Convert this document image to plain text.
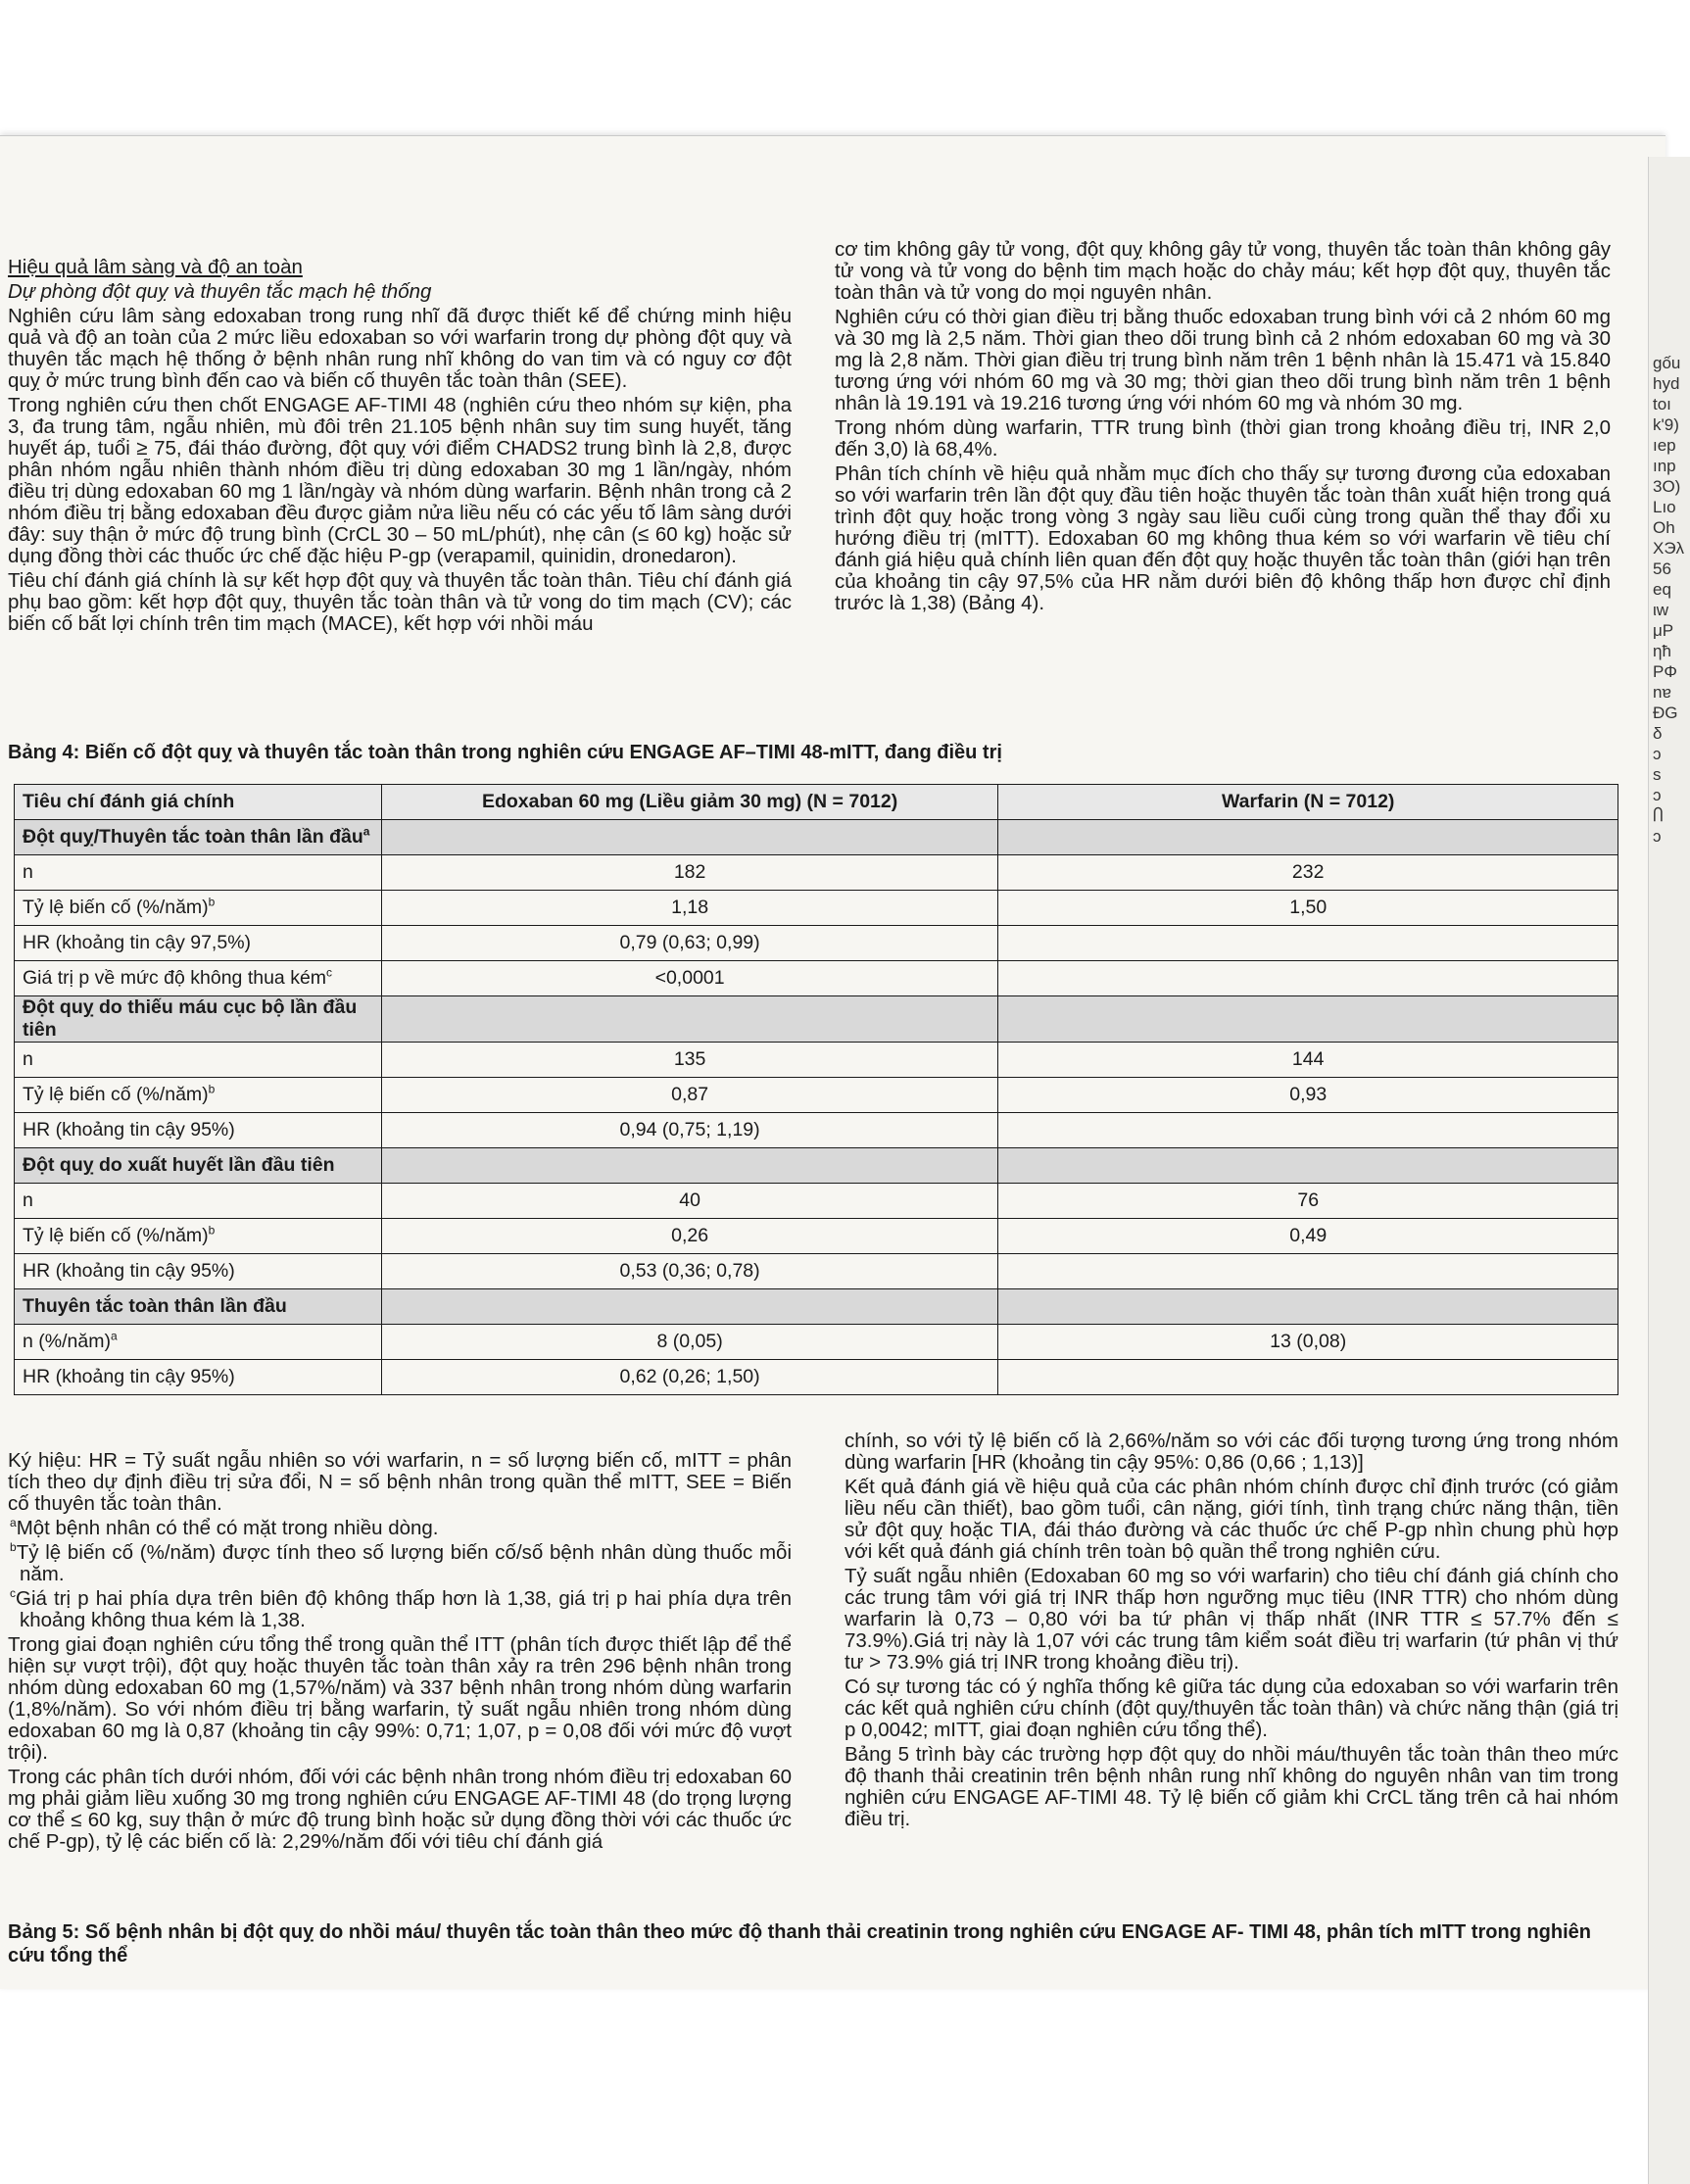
gốu
hyd
toı
k'9)
ıep
ınp
3Ο)
Lıo
Οh
ΧЭλ
56
eq
ιw
μΡ
ηħ
ΡΦ
nɐ
ÐG
δ
ɔ
s
ɔ
Ⴖ
ɔ

Hiệu quả lâm sàng và độ an toàn

Dự phòng đột quỵ và thuyên tắc mạch hệ thống

Nghiên cứu lâm sàng edoxaban trong rung nhĩ đã được thiết kế để chứng minh hiệu quả và độ an toàn của 2 mức liều edoxaban so với warfarin trong dự phòng đột quỵ và thuyên tắc mạch hệ thống ở bệnh nhân rung nhĩ không do van tim và có nguy cơ đột quỵ ở mức trung bình đến cao và biến cố thuyên tắc toàn thân (SEE).

Trong nghiên cứu then chốt ENGAGE AF-TIMI 48 (nghiên cứu theo nhóm sự kiện, pha 3, đa trung tâm, ngẫu nhiên, mù đôi trên 21.105 bệnh nhân suy tim sung huyết, tăng huyết áp, tuổi ≥ 75, đái tháo đường, đột quỵ với điểm CHADS2 trung bình là 2,8, được phân nhóm ngẫu nhiên thành nhóm điều trị dùng edoxaban 30 mg 1 lần/ngày, nhóm điều trị dùng edoxaban 60 mg 1 lần/ngày và nhóm dùng warfarin. Bệnh nhân trong cả 2 nhóm điều trị bằng edoxaban đều được giảm nửa liều nếu có các yếu tố lâm sàng dưới đây: suy thận ở mức độ trung bình (CrCL 30 – 50 mL/phút), nhẹ cân (≤ 60 kg) hoặc sử dụng đồng thời các thuốc ức chế đặc hiệu P-gp (verapamil, quinidin, dronedaron).

Tiêu chí đánh giá chính là sự kết hợp đột quỵ và thuyên tắc toàn thân. Tiêu chí đánh giá phụ bao gồm: kết hợp đột quỵ, thuyên tắc toàn thân và tử vong do tim mạch (CV); các biến cố bất lợi chính trên tim mạch (MACE), kết hợp với nhồi máu

cơ tim không gây tử vong, đột quỵ không gây tử vong, thuyên tắc toàn thân không gây tử vong và tử vong do bệnh tim mạch hoặc do chảy máu; kết hợp đột quỵ, thuyên tắc toàn thân và tử vong do mọi nguyên nhân.

Nghiên cứu có thời gian điều trị bằng thuốc edoxaban trung bình với cả 2 nhóm 60 mg và 30 mg là 2,5 năm. Thời gian theo dõi trung bình cả 2 nhóm edoxaban 60 mg và 30 mg là 2,8 năm. Thời gian điều trị trung bình năm trên 1 bệnh nhân là 15.471 và 15.840 tương ứng với nhóm 60 mg và 30 mg; thời gian theo dõi trung bình năm trên 1 bệnh nhân là 19.191 và 19.216 tương ứng với nhóm 60 mg và nhóm 30 mg.

Trong nhóm dùng warfarin, TTR trung bình (thời gian trong khoảng điều trị, INR 2,0 đến 3,0) là 68,4%.

Phân tích chính về hiệu quả nhằm mục đích cho thấy sự tương đương của edoxaban so với warfarin trên lần đột quỵ đầu tiên hoặc thuyên tắc toàn thân xuất hiện trong quá trình đột quỵ hoặc trong vòng 3 ngày sau liều cuối cùng trong quần thể thay đổi xu hướng điều trị (mITT). Edoxaban 60 mg không thua kém so với warfarin về tiêu chí đánh giá hiệu quả chính liên quan đến đột quỵ hoặc thuyên tắc toàn thân (giới hạn trên của khoảng tin cậy 97,5% của HR nằm dưới biên độ không thấp hơn được chỉ định trước là 1,38) (Bảng 4).

Bảng 4: Biến cố đột quỵ và thuyên tắc toàn thân trong nghiên cứu ENGAGE AF–TIMI 48-mITT, đang điều trị
Tiêu chí đánh giá chính	Edoxaban 60 mg (Liều giảm 30 mg) (N = 7012)	Warfarin (N = 7012)
Đột quỵ/Thuyên tắc toàn thân lần đầu$^a$		
n	182	232
Tỷ lệ biến cố (%/năm)$^b$	1,18	1,50
HR (khoảng tin cậy 97,5%)	0,79 (0,63; 0,99)	
Giá trị p về mức độ không thua kém$^c$	<0,0001	
Đột quỵ do thiếu máu cục bộ lần đầu tiên		
n	135	144
Tỷ lệ biến cố (%/năm)$^b$	0,87	0,93
HR (khoảng tin cậy 95%)	0,94 (0,75; 1,19)	
Đột quỵ do xuất huyết lần đầu tiên		
n	40	76
Tỷ lệ biến cố (%/năm)$^b$	0,26	0,49
HR (khoảng tin cậy 95%)	0,53 (0,36; 0,78)	
Thuyên tắc toàn thân lần đầu		
n (%/năm)$^a$	8 (0,05)	13 (0,08)
HR (khoảng tin cậy 95%)	0,62 (0,26; 1,50)	

Ký hiệu: HR = Tỷ suất ngẫu nhiên so với warfarin, n = số lượng biến cố, mITT = phân tích theo dự định điều trị sửa đổi, N = số bệnh nhân trong quần thể mITT, SEE = Biến cố thuyên tắc toàn thân.

$^a$Một bệnh nhân có thể có mặt trong nhiều dòng.

$^b$Tỷ lệ biến cố (%/năm) được tính theo số lượng biến cố/số bệnh nhân dùng thuốc mỗi năm.

$^c$Giá trị p hai phía dựa trên biên độ không thấp hơn là 1,38, giá trị p hai phía dựa trên khoảng không thua kém là 1,38.

Trong giai đoạn nghiên cứu tổng thể trong quần thể ITT (phân tích được thiết lập để thể hiện sự vượt trội), đột quỵ hoặc thuyên tắc toàn thân xảy ra trên 296 bệnh nhân trong nhóm dùng edoxaban 60 mg (1,57%/năm) và 337 bệnh nhân trong nhóm dùng warfarin (1,8%/năm). So với nhóm điều trị bằng warfarin, tỷ suất ngẫu nhiên trong nhóm dùng edoxaban 60 mg là 0,87 (khoảng tin cậy 99%: 0,71; 1,07, p = 0,08 đối với mức độ vượt trội).

Trong các phân tích dưới nhóm, đối với các bệnh nhân trong nhóm điều trị edoxaban 60 mg phải giảm liều xuống 30 mg trong nghiên cứu ENGAGE AF-TIMI 48 (do trọng lượng cơ thể ≤ 60 kg, suy thận ở mức độ trung bình hoặc sử dụng đồng thời với các thuốc ức chế P-gp), tỷ lệ các biến cố là: 2,29%/năm đối với tiêu chí đánh giá

chính, so với tỷ lệ biến cố là 2,66%/năm so với các đối tượng tương ứng trong nhóm dùng warfarin [HR (khoảng tin cậy 95%: 0,86 (0,66 ; 1,13)]

Kết quả đánh giá về hiệu quả của các phân nhóm chính được chỉ định trước (có giảm liều nếu cần thiết), bao gồm tuổi, cân nặng, giới tính, tình trạng chức năng thận, tiền sử đột quỵ hoặc TIA, đái tháo đường và các thuốc ức chế P-gp nhìn chung phù hợp với kết quả đánh giá chính trên toàn bộ quần thể trong nghiên cứu.

Tỷ suất ngẫu nhiên (Edoxaban 60 mg so với warfarin) cho tiêu chí đánh giá chính cho các trung tâm với giá trị INR thấp hơn ngưỡng mục tiêu (INR TTR) cho nhóm dùng warfarin là 0,73 – 0,80 với ba tứ phân vị thấp nhất (INR TTR ≤ 57.7% đến ≤ 73.9%).Giá trị này là 1,07 với các trung tâm kiểm soát điều trị warfarin (tứ phân vị thứ tư > 73.9% giá trị INR trong khoảng điều trị).

Có sự tương tác có ý nghĩa thống kê giữa tác dụng của edoxaban so với warfarin trên các kết quả nghiên cứu chính (đột quỵ/thuyên tắc toàn thân) và chức năng thận (giá trị p 0,0042; mITT, giai đoạn nghiên cứu tổng thể).

Bảng 5 trình bày các trường hợp đột quỵ do nhồi máu/thuyên tắc toàn thân theo mức độ thanh thải creatinin trên bệnh nhân rung nhĩ không do nguyên nhân van tim trong nghiên cứu ENGAGE AF-TIMI 48. Tỷ lệ biến cố giảm khi CrCL tăng trên cả hai nhóm điều trị.

Bảng 5: Số bệnh nhân bị đột quỵ do nhồi máu/ thuyên tắc toàn thân theo mức độ thanh thải creatinin trong nghiên cứu ENGAGE AF- TIMI 48, phân tích mITT trong nghiên cứu tổng thể
